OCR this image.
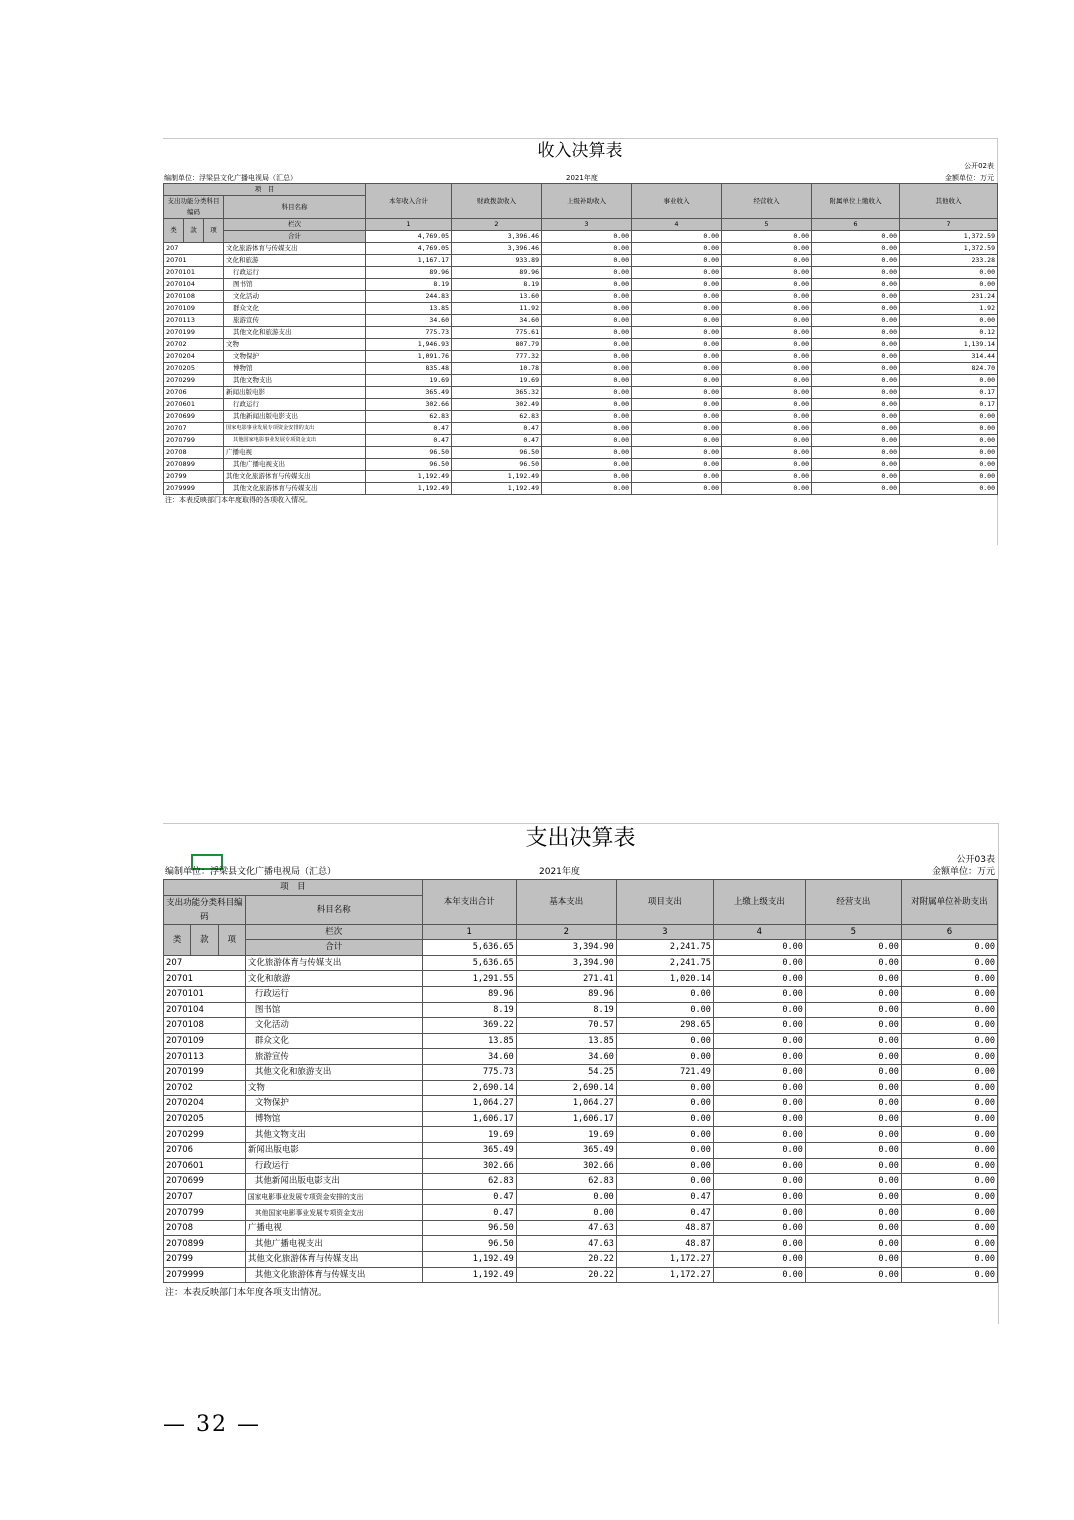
收入决算表
公开02表
编制单位：浮梁县文化广播电视局（汇总）	2021年度	金额单位：万元
项　目				本年收入合计	财政拨款收入	上级补助收入	事业收入	经营收入	附属单位上缴收入	其他收入
支出功能分类科目编码			科目名称							
类	款	项	栏次	1	2	3	4	5	6	7
			合计	4,769.05	3,396.46	0.00	0.00	0.00	0.00	1,372.59
207			文化旅游体育与传媒支出	4,769.05	3,396.46	0.00	0.00	0.00	0.00	1,372.59
20701			文化和旅游	1,167.17	933.89	0.00	0.00	0.00	0.00	233.28
2070101			行政运行	89.96	89.96	0.00	0.00	0.00	0.00	0.00
2070104			图书馆	8.19	8.19	0.00	0.00	0.00	0.00	0.00
2070108			文化活动	244.83	13.60	0.00	0.00	0.00	0.00	231.24
2070109			群众文化	13.85	11.92	0.00	0.00	0.00	0.00	1.92
2070113			旅游宣传	34.60	34.60	0.00	0.00	0.00	0.00	0.00
2070199			其他文化和旅游支出	775.73	775.61	0.00	0.00	0.00	0.00	0.12
20702			文物	1,946.93	807.79	0.00	0.00	0.00	0.00	1,139.14
2070204			文物保护	1,091.76	777.32	0.00	0.00	0.00	0.00	314.44
2070205			博物馆	835.48	10.78	0.00	0.00	0.00	0.00	824.70
2070299			其他文物支出	19.69	19.69	0.00	0.00	0.00	0.00	0.00
20706			新闻出版电影	365.49	365.32	0.00	0.00	0.00	0.00	0.17
2070601			行政运行	302.66	302.49	0.00	0.00	0.00	0.00	0.17
2070699			其他新闻出版电影支出	62.83	62.83	0.00	0.00	0.00	0.00	0.00
20707			国家电影事业发展专项资金安排的支出	0.47	0.47	0.00	0.00	0.00	0.00	0.00
2070799			其他国家电影事业发展专项资金支出	0.47	0.47	0.00	0.00	0.00	0.00	0.00
20708			广播电视	96.50	96.50	0.00	0.00	0.00	0.00	0.00
2070899			其他广播电视支出	96.50	96.50	0.00	0.00	0.00	0.00	0.00
20799			其他文化旅游体育与传媒支出	1,192.49	1,192.49	0.00	0.00	0.00	0.00	0.00
2079999			其他文化旅游体育与传媒支出	1,192.49	1,192.49	0.00	0.00	0.00	0.00	0.00
注：本表反映部门本年度取得的各项收入情况。
支出决算表
公开03表
编制单位：浮梁县文化广播电视局（汇总）	2021年度	金额单位：万元
项　目				本年支出合计	基本支出	项目支出	上缴上级支出	经营支出	对附属单位补助支出
支出功能分类科目编码			科目名称						
类	款	项	栏次	1	2	3	4	5	6
			合计	5,636.65	3,394.90	2,241.75	0.00	0.00	0.00
207			文化旅游体育与传媒支出	5,636.65	3,394.90	2,241.75	0.00	0.00	0.00
20701			文化和旅游	1,291.55	271.41	1,020.14	0.00	0.00	0.00
2070101			行政运行	89.96	89.96	0.00	0.00	0.00	0.00
2070104			图书馆	8.19	8.19	0.00	0.00	0.00	0.00
2070108			文化活动	369.22	70.57	298.65	0.00	0.00	0.00
2070109			群众文化	13.85	13.85	0.00	0.00	0.00	0.00
2070113			旅游宣传	34.60	34.60	0.00	0.00	0.00	0.00
2070199			其他文化和旅游支出	775.73	54.25	721.49	0.00	0.00	0.00
20702			文物	2,690.14	2,690.14	0.00	0.00	0.00	0.00
2070204			文物保护	1,064.27	1,064.27	0.00	0.00	0.00	0.00
2070205			博物馆	1,606.17	1,606.17	0.00	0.00	0.00	0.00
2070299			其他文物支出	19.69	19.69	0.00	0.00	0.00	0.00
20706			新闻出版电影	365.49	365.49	0.00	0.00	0.00	0.00
2070601			行政运行	302.66	302.66	0.00	0.00	0.00	0.00
2070699			其他新闻出版电影支出	62.83	62.83	0.00	0.00	0.00	0.00
20707			国家电影事业发展专项资金安排的支出	0.47	0.00	0.47	0.00	0.00	0.00
2070799			其他国家电影事业发展专项资金支出	0.47	0.00	0.47	0.00	0.00	0.00
20708			广播电视	96.50	47.63	48.87	0.00	0.00	0.00
2070899			其他广播电视支出	96.50	47.63	48.87	0.00	0.00	0.00
20799			其他文化旅游体育与传媒支出	1,192.49	20.22	1,172.27	0.00	0.00	0.00
2079999			其他文化旅游体育与传媒支出	1,192.49	20.22	1,172.27	0.00	0.00	0.00
注：本表反映部门本年度各项支出情况。
— 32 —
